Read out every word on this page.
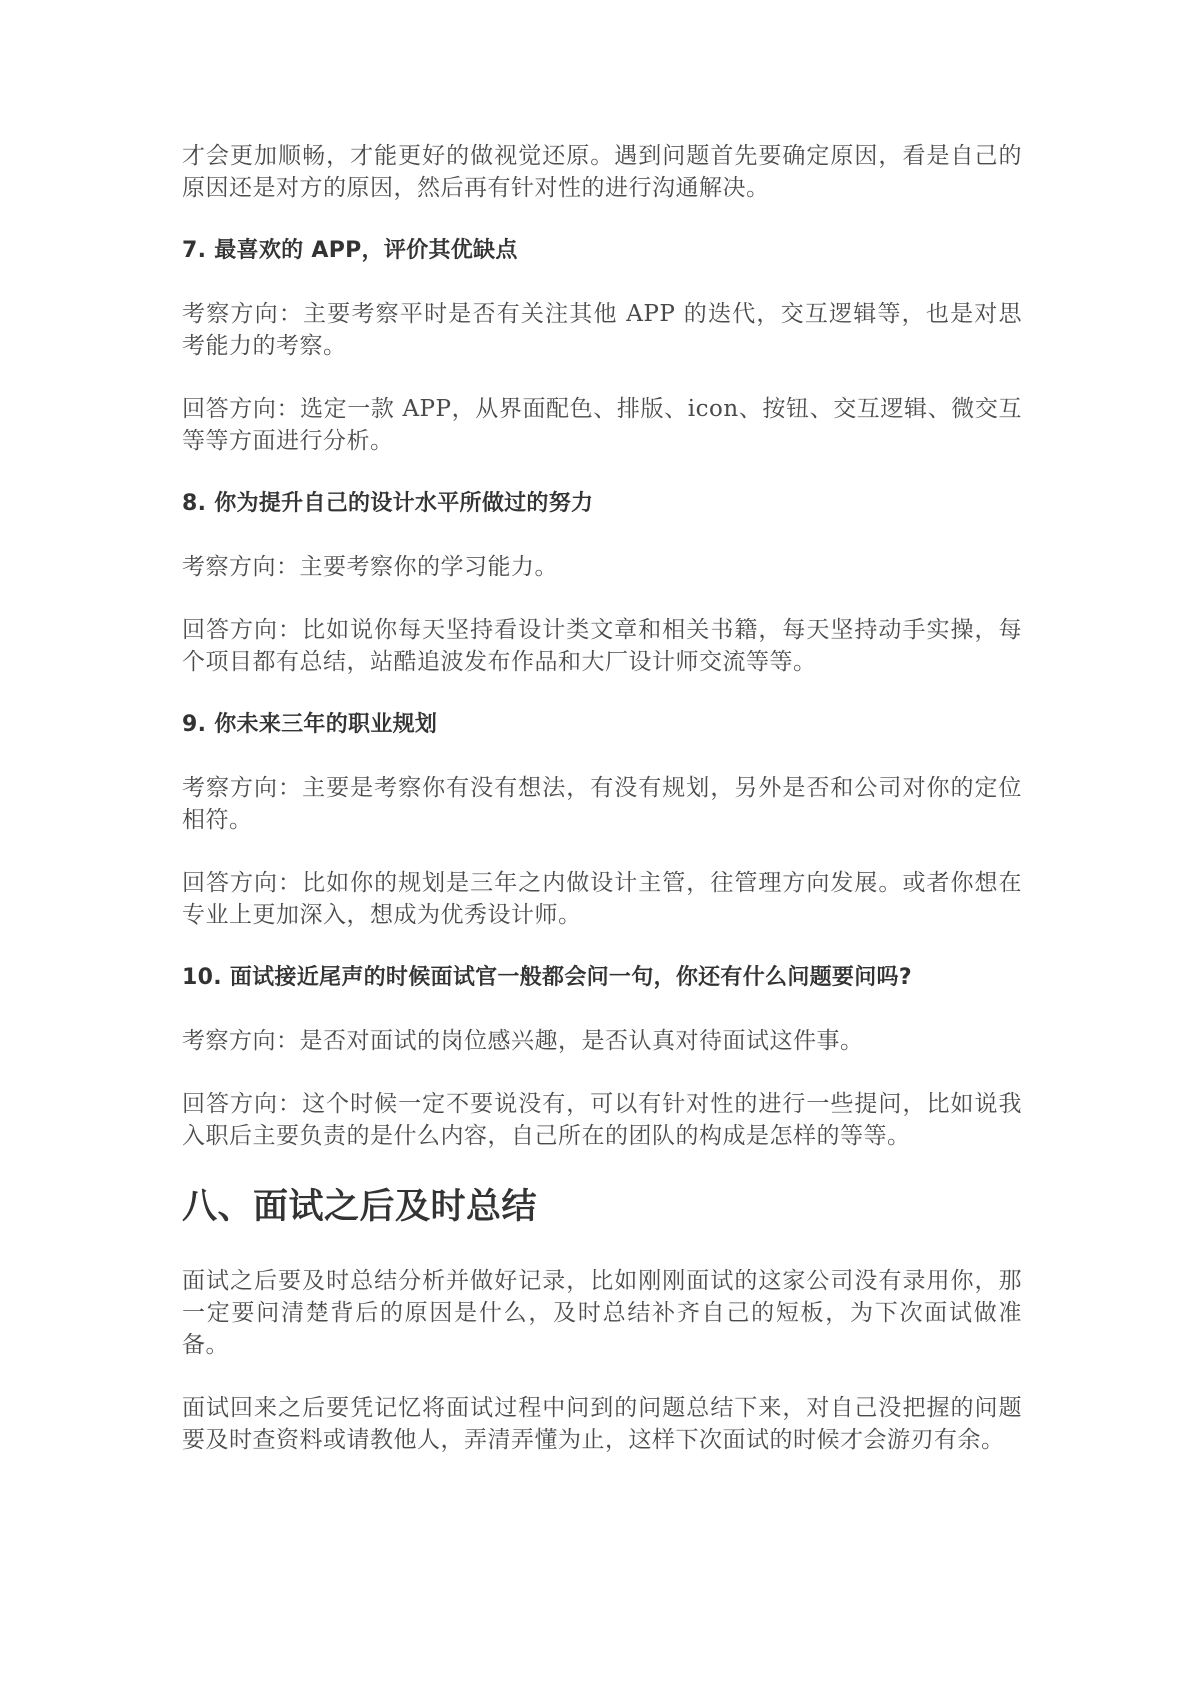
才会更加顺畅，才能更好的做视觉还原。遇到问题首先要确定原因，看是自己的原因还是对方的原因，然后再有针对性的进行沟通解决。

7. 最喜欢的 APP，评价其优缺点

考察方向：主要考察平时是否有关注其他 APP 的迭代，交互逻辑等，也是对思考能力的考察。

回答方向：选定一款 APP，从界面配色、排版、icon、按钮、交互逻辑、微交互等等方面进行分析。

8. 你为提升自己的设计水平所做过的努力

考察方向：主要考察你的学习能力。

回答方向：比如说你每天坚持看设计类文章和相关书籍，每天坚持动手实操，每个项目都有总结，站酷追波发布作品和大厂设计师交流等等。

9. 你未来三年的职业规划

考察方向：主要是考察你有没有想法，有没有规划，另外是否和公司对你的定位相符。

回答方向：比如你的规划是三年之内做设计主管，往管理方向发展。或者你想在专业上更加深入，想成为优秀设计师。

10. 面试接近尾声的时候面试官一般都会问一句，你还有什么问题要问吗?

考察方向：是否对面试的岗位感兴趣，是否认真对待面试这件事。

回答方向：这个时候一定不要说没有，可以有针对性的进行一些提问，比如说我入职后主要负责的是什么内容，自己所在的团队的构成是怎样的等等。

八、面试之后及时总结

面试之后要及时总结分析并做好记录，比如刚刚面试的这家公司没有录用你，那一定要问清楚背后的原因是什么，及时总结补齐自己的短板，为下次面试做准备。

面试回来之后要凭记忆将面试过程中问到的问题总结下来，对自己没把握的问题要及时查资料或请教他人，弄清弄懂为止，这样下次面试的时候才会游刃有余。
